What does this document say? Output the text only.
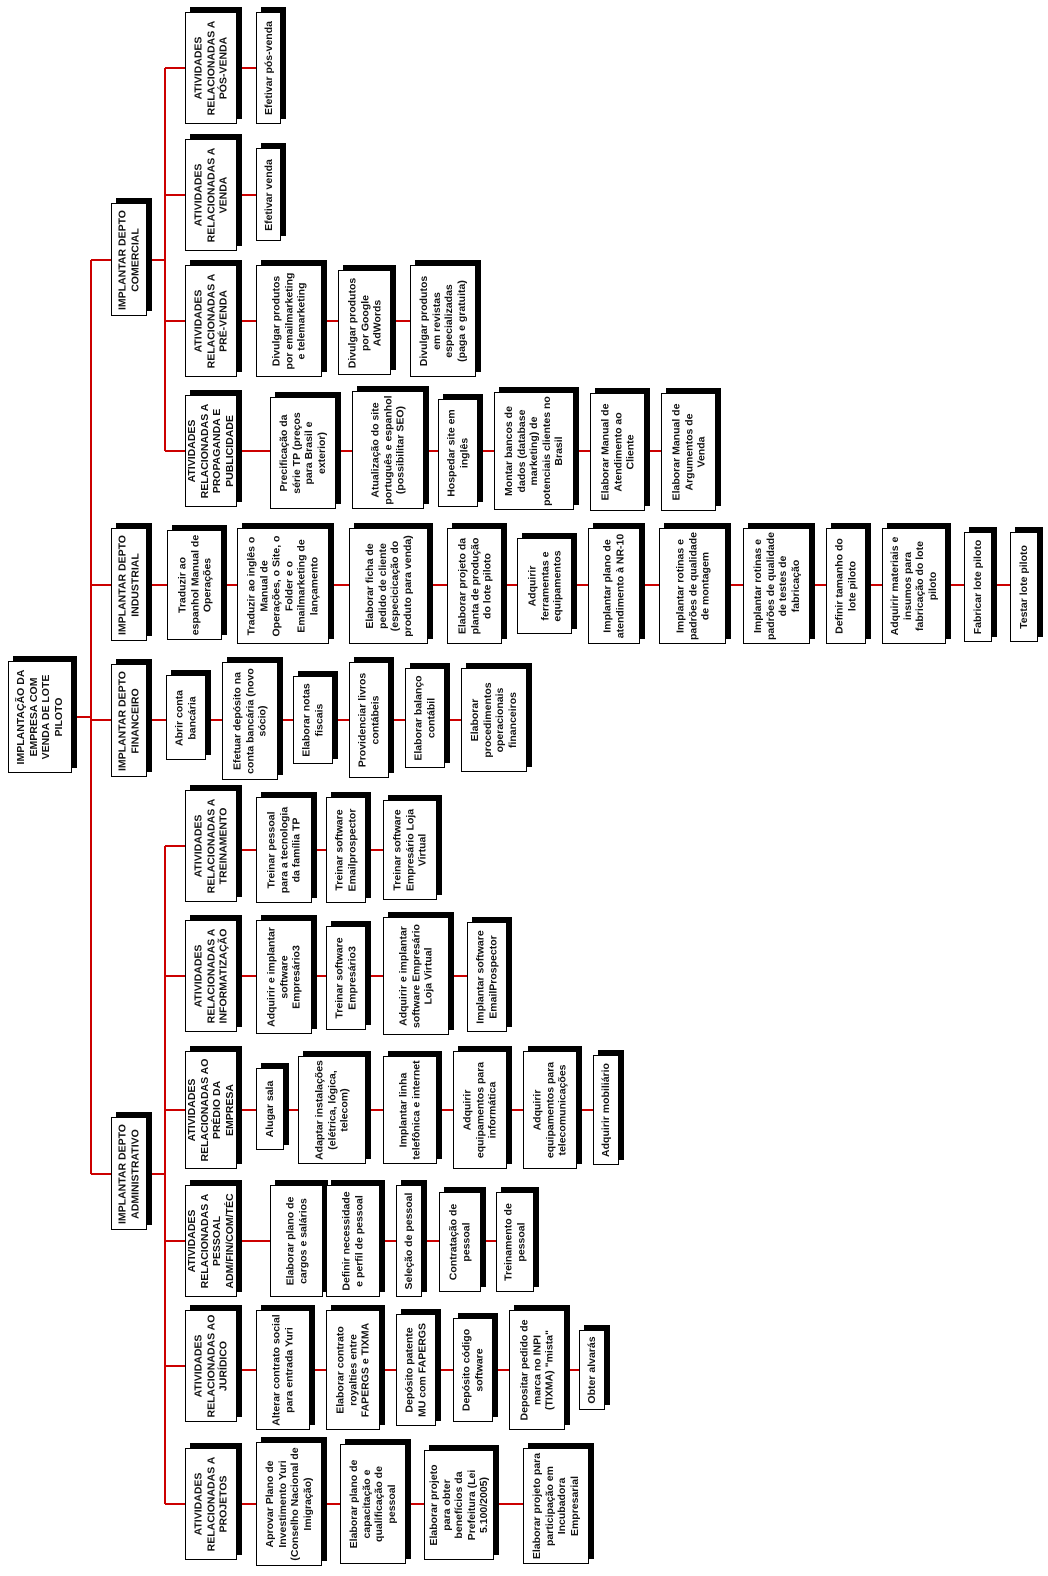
IMPLANTAÇÃO DA EMPRESA COM VENDA DE LOTE PILOTO
IMPLANTAR DEPTO COMERCIAL
IMPLANTAR DEPTO INDUSTRIAL
IMPLANTAR DEPTO FINANCEIRO
IMPLANTAR DEPTO ADMINISTRATIVO
ATIVIDADES RELACIONADAS A PÓS-VENDA
ATIVIDADES RELACIONADAS A VENDA
ATIVIDADES RELACIONADAS A PRÉ-VENDA
ATIVIDADES RELACIONADAS A PROPAGANDA E PUBLICIDADE
Efetivar pós-venda
Efetivar venda
Divulgar produtos por emailmarketing e telemarketing	Divulgar produtos por Google AdWords	Divulgar produtos em revistas especializadas (paga e gratuita)
Precificação da série TP (preços para Brasil e exterior)	Atualização do site português e espanhol (possibilitar SEO)	Hospedar site em inglês	Montar bancos de dados (database marketing) de potenciais clientes no Brasil	Elaborar Manual de Atendimento ao Cliente	Elaborar Manual de Argumentos de Venda
Traduzir ao espanhol Manual de Operações	Traduzir ao inglês o Manual de Operações, o Site, o Folder e o Emailmarketing de lançamento	Elaborar ficha de pedido de cliente (especicicação do produto para venda)	Elaborar projeto da planta de produção do lote piloto	Adquirir ferramentas e equipamentos	Implantar plano de atendimento à NR-10	Implantar rotinas e padrões de qualidade de montagem	Implantar rotinas e padrões de qualidade de testes de fabricação	Definir tamanho do lote piloto	Adquirir materiais e insumos para fabricação do lote piloto	Fabricar lote piloto	Testar lote piloto
Abrir conta bancária	Efetuar depósito na conta bancária (novo sócio)	Elaborar notas fiscais	Providenciar livros contábeis	Elaborar balanço contábil	Elaborar procedimentos operacionais financeiros
ATIVIDADES RELACIONADAS A TREINAMENTO
ATIVIDADES RELACIONADAS A INFORMATIZAÇÃO
ATIVIDADES RELACIONADAS AO PRÉDIO DA EMPRESA
ATIVIDADES RELACIONADAS A PESSOAL ADM/FIN/COM/TÉC
ATIVIDADES RELACIONADAS AO JURÍDICO
ATIVIDADES RELACIONADAS A PROJETOS
Treinar pessoal para a tecnologia da família TP	Treinar software Emailprospector	Treinar software Empresário Loja Virtual
Adquirir e implantar software Empresário3	Treinar software Empresário3	Adquirir e implantar software Empresário Loja Virtual	Implantar software EmailProspector
Alugar sala	Adaptar instalações (elétrica, lógica, telecom)	Implantar linha telefônica e internet	Adquirir equipamentos para informática	Adquirir equipamentos para telecomunicações	Adquirir mobiliário
Elaborar plano de cargos e salários	Definir necessidade e perfil de pessoal	Seleção de pessoal	Contratação de pessoal	Treinamento de pessoal
Alterar contrato social para entrada Yuri	Elaborar contrato royalties entre FAPERGS e TIXMA	Depósito patente MU com FAPERGS	Depósito código software	Depositar pedido de marca no INPI (TIXMA) "mista"	Obter alvarás
Aprovar Plano de Investimento Yuri (Conselho Nacional de Imigração)	Elaborar plano de capacitação e qualificação de pessoal	Elaborar projeto para obter benefícios da Prefeitura (Lei 5.100/2005)	Elaborar projeto para participação em Incubadora Empresarial
